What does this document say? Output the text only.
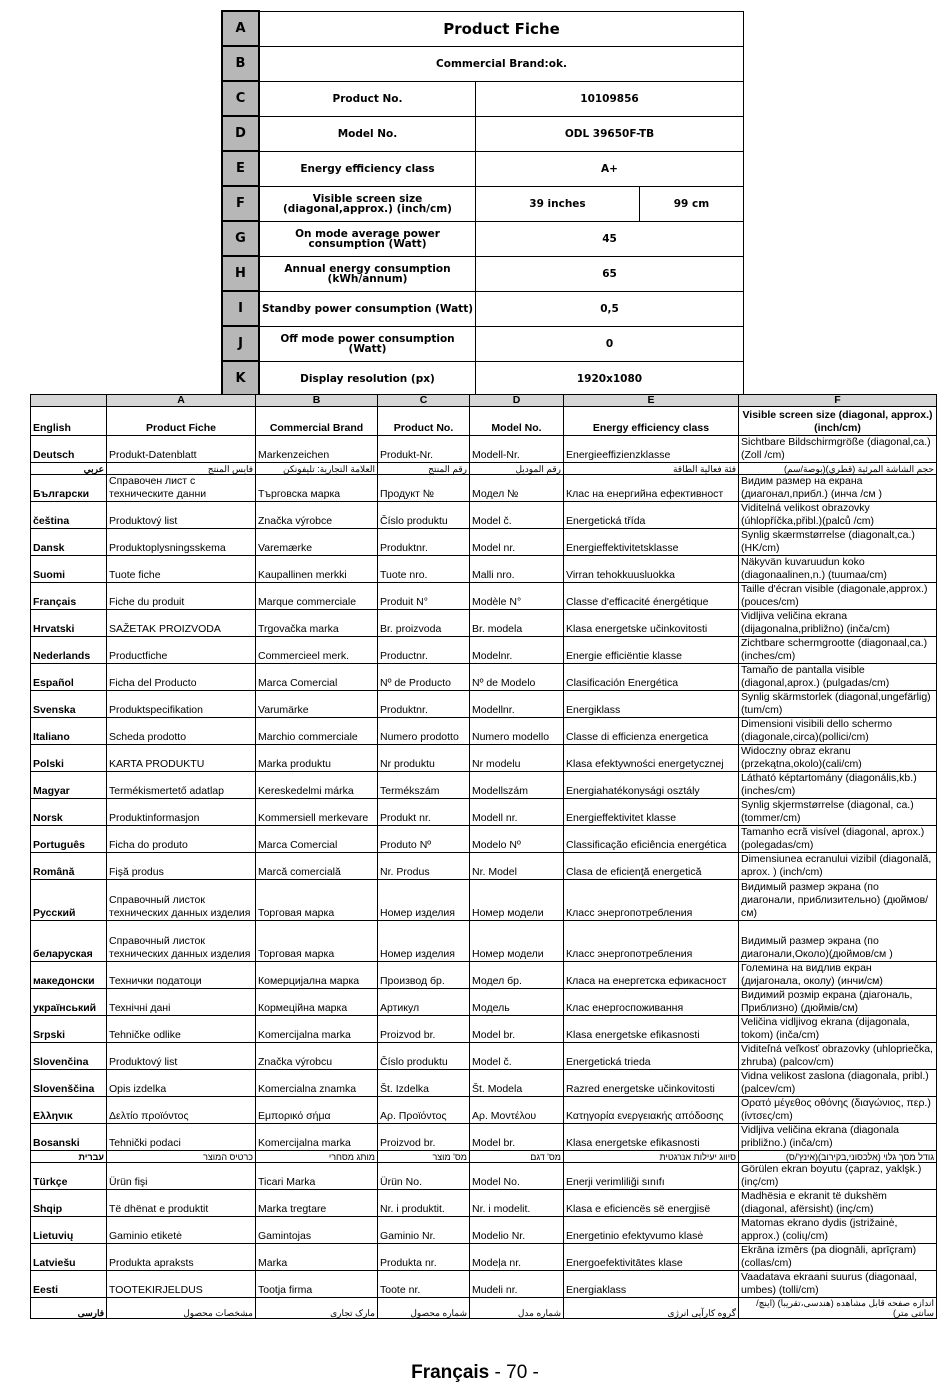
A	Product Fiche		
B	Commercial Brand:ok.		
C	Product No.	10109856	
D	Model No.	ODL 39650F-TB	
E	Energy efficiency class	A+	
F	Visible screen size (diagonal,approx.) (inch/cm)	39 inches	99 cm
G	On mode average power consumption (Watt)	45	
H	Annual energy consumption (kWh/annum)	65	
I	Standby power consumption (Watt)	0,5	
J	Off mode power consumption (Watt)	0	
K	Display resolution (px)	1920x1080	
	A	B	C	D	E	F
English	Product Fiche	Commercial Brand	Product No.	Model No.	Energy efficiency class	Visible screen size (diagonal, approx.) (inch/cm)
Deutsch	Produkt-Datenblatt	Markenzeichen	Produkt-Nr.	Modell-Nr.	Energieeffizienzklasse	Sichtbare Bildschirmgröße (diagonal,ca.) (Zoll /cm)
عربي	فايس المنتج	العلامة التجارية: تليفونكن	رقم المنتج	رقم الموديل	فئة فعالية الطاقة	حجم الشاشة المرئية (قطري)(بوصة/سم)
Български	Справочен лист с техническите данни	Търговска марка	Продукт №	Модел №	Клас на енергийна ефективност	Видим размер на екрана (диагонал,прибл.) (инча /см )
čeština	Produktový list	Značka výrobce	Číslo produktu	Model č.	Energetická třída	Viditelná velikost obrazovky (úhlopříčka,přibl.)(palců /cm)
Dansk	Produktoplysningsskema	Varemærke	Produktnr.	Model nr.	Energieffektivitetsklasse	Synlig skærmstørrelse (diagonalt,ca.) (HK/cm)
Suomi	Tuote fiche	Kaupallinen merkki	Tuote nro.	Malli nro.	Virran tehokkuusluokka	Näkyvän kuvaruudun koko (diagonaalinen,n.) (tuumaa/cm)
Français	Fiche du produit	Marque commerciale	Produit N°	Modèle N°	Classe d'efficacité énergétique	Taille d'écran visible (diagonale,approx.) (pouces/cm)
Hrvatski	SAŽETAK PROIZVODA	Trgovačka marka	Br. proizvoda	Br. modela	Klasa energetske učinkovitosti	Vidljiva veličina ekrana (dijagonalna,približno) (inča/cm)
Nederlands	Productfiche	Commercieel merk.	Productnr.	Modelnr.	Energie efficiëntie klasse	Zichtbare schermgrootte (diagonaal,ca.) (inches/cm)
Español	Ficha del Producto	Marca Comercial	Nº de Producto	Nº de Modelo	Clasificación Energética	Tamaño de pantalla visible (diagonal,aprox.) (pulgadas/cm)
Svenska	Produktspecifikation	Varumärke	Produktnr.	Modellnr.	Energiklass	Synlig skärmstorlek (diagonal,ungefärlig) (tum/cm)
Italiano	Scheda prodotto	Marchio commerciale	Numero prodotto	Numero modello	Classe di efficienza energetica	Dimensioni visibili dello schermo (diagonale,circa)(pollici/cm)
Polski	KARTA PRODUKTU	Marka produktu	Nr produktu	Nr modelu	Klasa efektywności energetycznej	Widoczny obraz ekranu (przekątna,okolo)(cali/cm)
Magyar	Termékismertető adatlap	Kereskedelmi márka	Termékszám	Modellszám	Energiahatékonysági osztály	Látható képtartomány (diagonális,kb.) (inches/cm)
Norsk	Produktinformasjon	Kommersiell merkevare	Produkt nr.	Modell nr.	Energieffektivitet klasse	Synlig skjermstørrelse (diagonal, ca.) (tommer/cm)
Português	Ficha do produto	Marca Comercial	Produto Nº	Modelo Nº	Classificação eficiência energética	Tamanho ecrã visível (diagonal, aprox.) (polegadas/cm)
Română	Fişă produs	Marcă comercială	Nr. Produs	Nr. Model	Clasa de eficienţă energetică	Dimensiunea ecranului vizibil (diagonală, aprox. ) (inch/cm)
Русский	Справочный листок технических данных изделия	Торговая марка	Номер изделия	Номер модели	Класс энергопотребления	Видимый размер экрана (по диагонали, приблизительно) (дюймов/см)
беларуская	Справочный листок технических данных изделия	Торговая марка	Номер изделия	Номер модели	Класс энергопотребления	Видимый размер экрана (по диагонали,Около)(дюймов/см )
македонски	Технички податоци	Комерцијална марка	Производ бр.	Модел бр.	Класа на енергетска ефикасност	Големина на видлив екран (дијагонала, околу) (инчи/см)
український	Технічні дані	Кормеційна марка	Артикул	Модель	Клас енергоспоживання	Видимий розмір екрана (діагональ, Приблизно) (дюймів/см)
Srpski	Tehničke odlike	Komercijalna marka	Proizvod br.	Model br.	Klasa energetske efikasnosti	Veličina vidljivog ekrana (dijagonala, tokom) (inča/cm)
Slovenčina	Produktový list	Značka výrobcu	Číslo produktu	Model č.	Energetická trieda	Viditeľná veľkosť obrazovky (uhlopriečka, zhruba) (palcov/cm)
Slovenščina	Opis izdelka	Komercialna znamka	Št. Izdelka	Št. Modela	Razred energetske učinkovitosti	Vidna velikost zaslona (diagonala, pribl.) (palcev/cm)
Ελληνικ	Δελτίο προϊόντος	Εμπορικό σήμα	Αρ. Προϊόντος	Αρ. Μοντέλου	Κατηγορία ενεργειακής απόδοσης	Ορατό μέγεθος οθόνης (διαγώνιος, περ.) (ίντσες/cm)
Bosanski	Tehnički podaci	Komercijalna marka	Proizvod br.	Model br.	Klasa energetske efikasnosti	Vidljiva veličina ekrana (diagonala približno.) (inča/cm)
עברית	כרטיס המוצר	מותג מסחרי	מס' מוצר	מס' דגם	סיווג יעילות אנרגטית	גודל מסך גלוי (אלכסוני,בקירוב)(אינץ'/ס)
Türkçe	Ürün fişi	Ticari Marka	Ürün No.	Model No.	Enerji verimliliği sınıfı	Görülen ekran boyutu (çapraz, yaklşk.) (inç/cm)
Shqip	Të dhënat e produktit	Marka tregtare	Nr. i produktit.	Nr. i modelit.	Klasa e eficiencës së energjisë	Madhësia e ekranit të dukshëm (diagonal, afërsisht) (inç/cm)
Lietuvių	Gaminio etiketė	Gamintojas	Gaminio Nr.	Modelio Nr.	Energetinio efektyvumo klasė	Matomas ekrano dydis (įstrižainė, approx.) (colių/cm)
Latviešu	Produkta apraksts	Marka	Produkta nr.	Modeļa nr.	Energoefektivitātes klase	Ekrāna izmērs (pa diognāli, aprīçram) (collas/cm)
Eesti	TOOTEKIRJELDUS	Tootja firma	Toote nr.	Mudeli nr.	Energiaklass	Vaadatava ekraani suurus (diagonaal, umbes) (tolli/cm)
فارسی	مشخصات محصول	مارک تجاری	شماره محصول	شماره مدل	گروه کارآیی انرژی	اندازه صفحه قابل مشاهده (هندسی،تقریبا) (اینچ/ سانتی متر)
Français - 70 -
